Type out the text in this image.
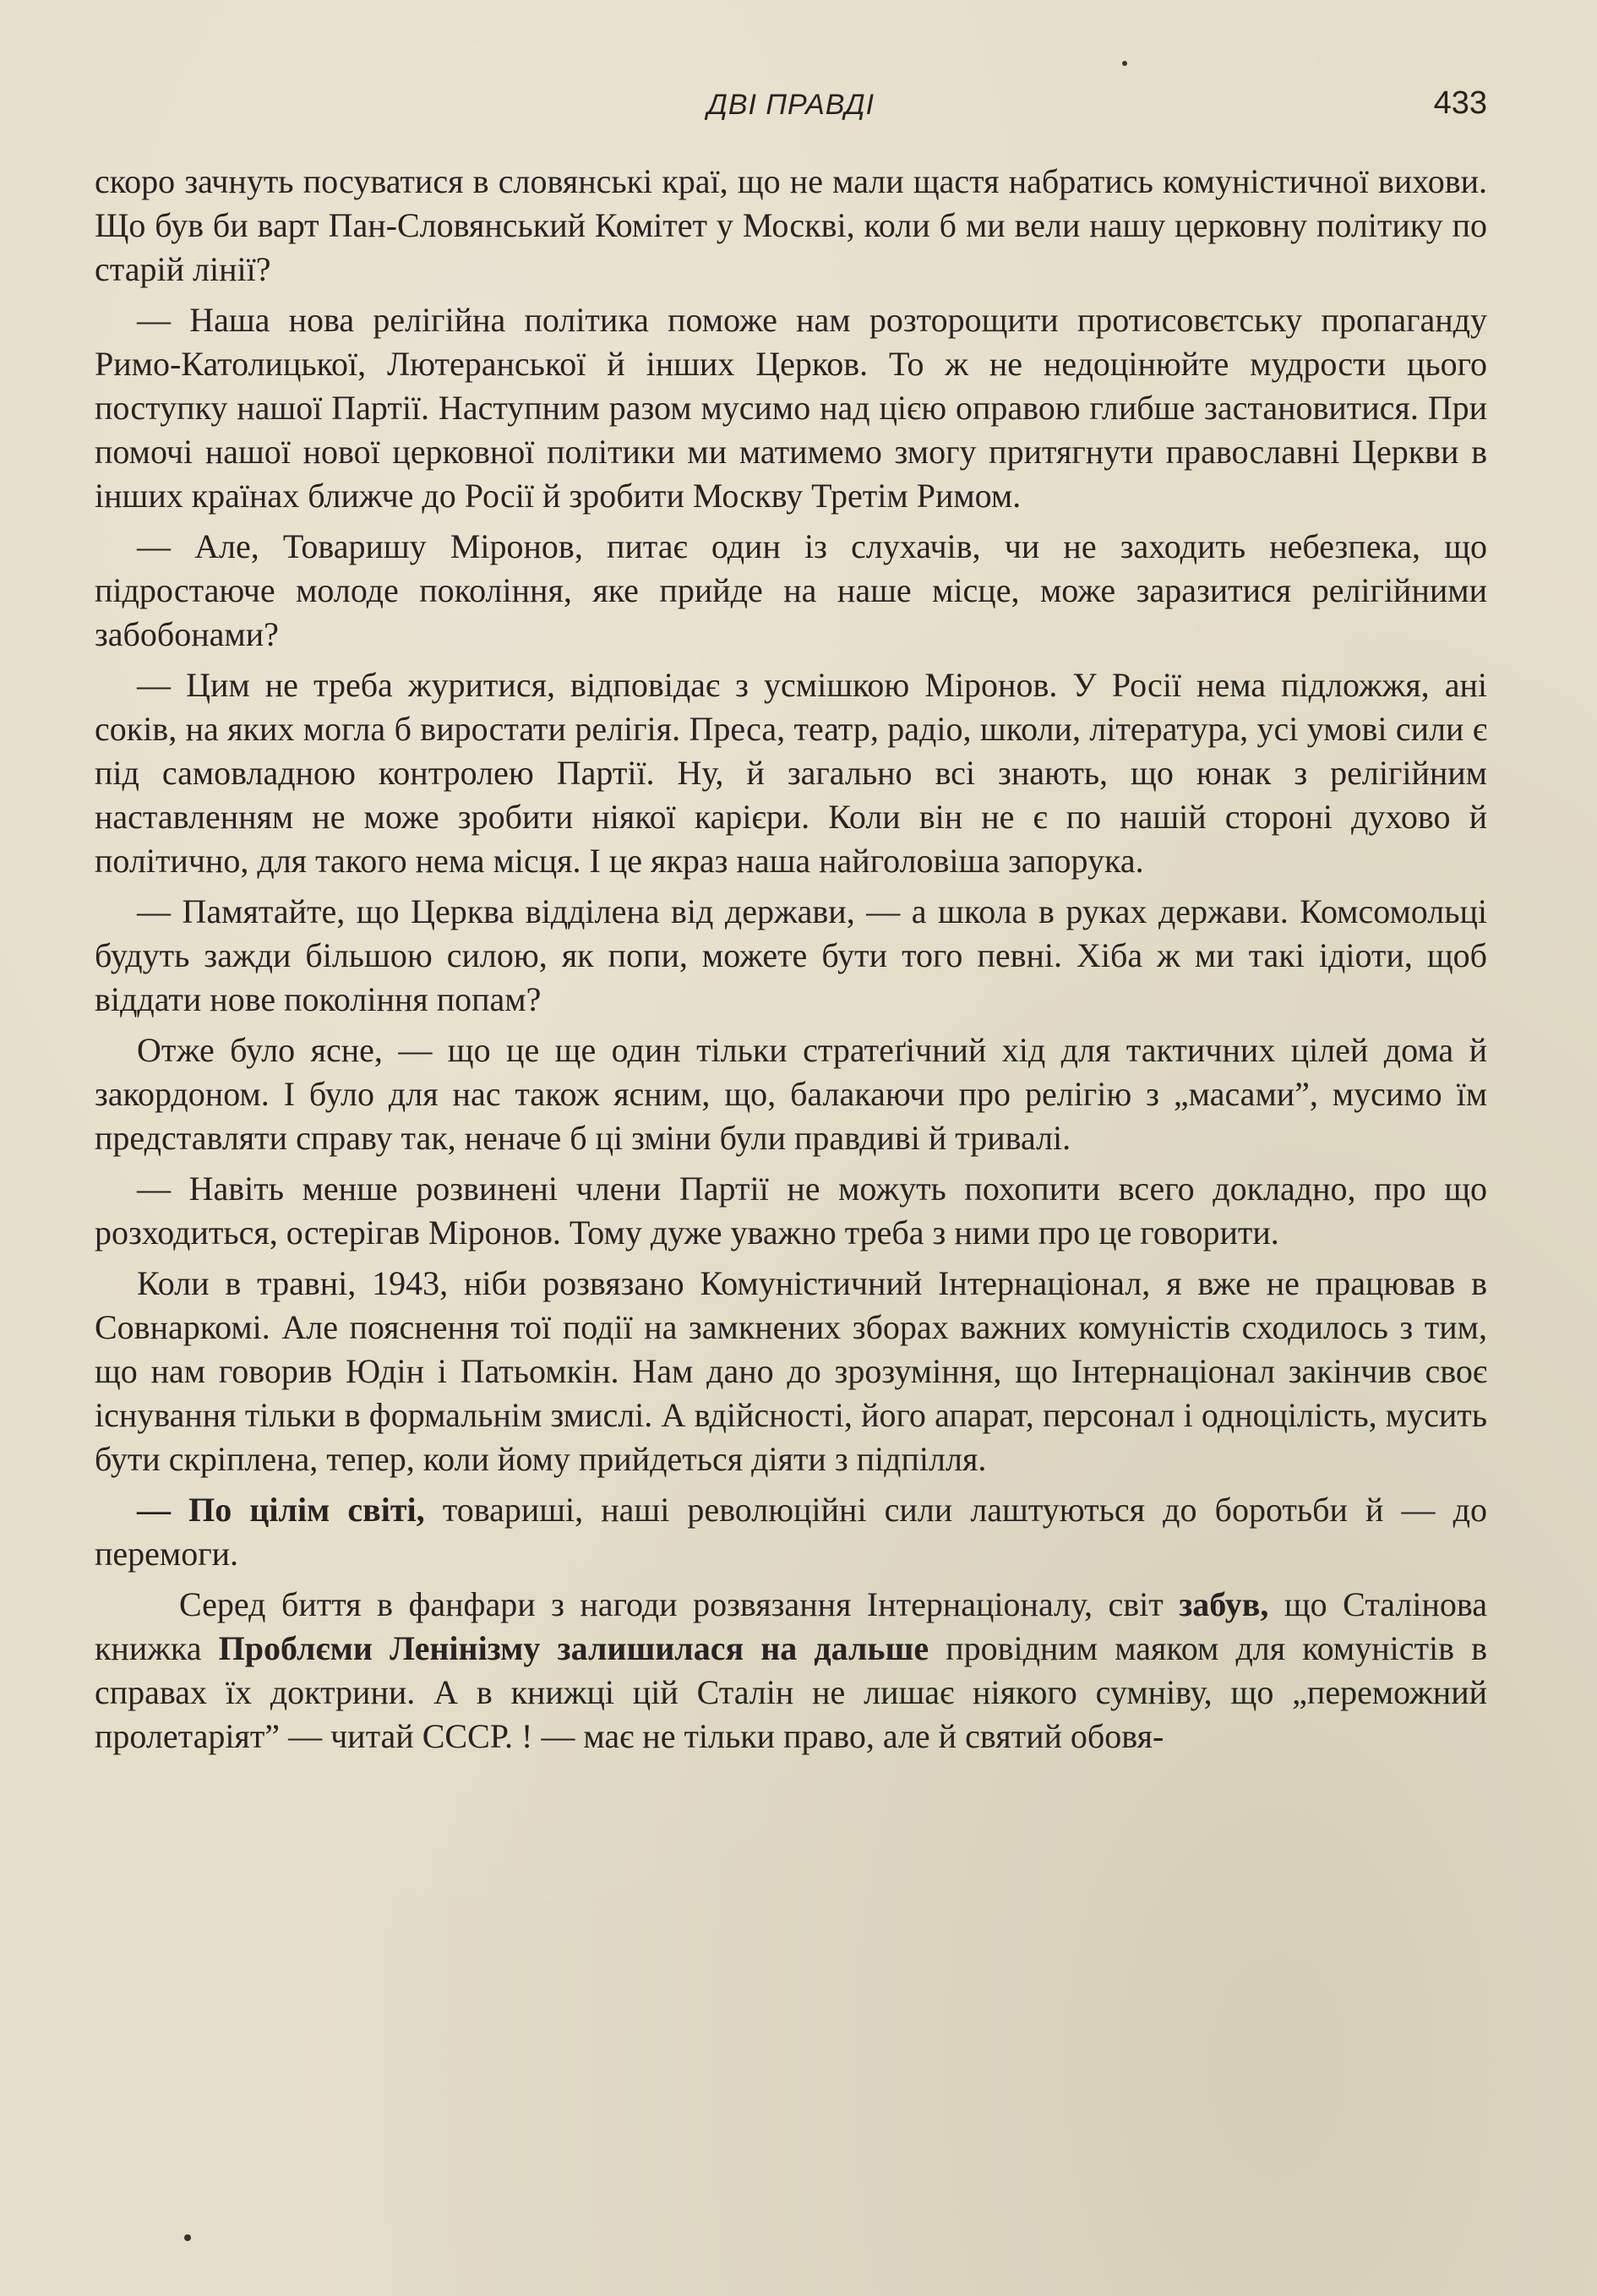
ДВІ ПРАВДІ	433

скоро зачнуть посуватися в словянські краї, що не мали щастя набратись комуністичної вихови. Що був би варт Пан-Словянський Комітет у Москві, коли б ми вели нашу церковну політику по старій лінії?

— Наша нова релігійна політика поможе нам розторощити протисовєтську пропаганду Римо-Католицької, Лютеранської й інших Церков. То ж не недоцінюйте мудрости цього поступку нашої Партії. Наступним разом мусимо над цією оправою глибше застановитися. При помочі нашої нової церковної політики ми матимемо змогу притягнути православні Церкви в інших країнах ближче до Росії й зробити Москву Третім Римом.

— Але, Товаришу Міронов, питає один із слухачів, чи не заходить небезпека, що підростаюче молоде покоління, яке прийде на наше місце, може заразитися релігійними забобонами?

— Цим не треба журитися, відповідає з усмішкою Міронов. У Росії нема підложжя, ані соків, на яких могла б виростати релігія. Преса, театр, радіо, школи, література, усі умові сили є під самовладною контролею Партії. Ну, й загально всі знають, що юнак з релігійним наставленням не може зробити ніякої карієри. Коли він не є по нашій стороні духово й політично, для такого нема місця. І це якраз наша найголовіша запорука.

— Памятайте, що Церква відділена від держави, — а школа в руках держави. Комсомольці будуть зажди більшою силою, як попи, можете бути того певні. Хіба ж ми такі ідіоти, щоб віддати нове покоління попам?

Отже було ясне, — що це ще один тільки стратеґічний хід для тактичних цілей дома й закордоном. І було для нас також ясним, що, балакаючи про релігію з „масами”, мусимо їм представляти справу так, неначе б ці зміни були правдиві й тривалі.

— Навіть менше розвинені члени Партії не можуть похопити всего докладно, про що розходиться, остерігав Міронов. Тому дуже уважно треба з ними про це говорити.

Коли в травні, 1943, ніби розвязано Комуністичний Інтернаціонал, я вже не працював в Совнаркомі. Але пояснення тої події на замкнених зборах важних комуністів сходилось з тим, що нам говорив Юдін і Патьомкін. Нам дано до зрозуміння, що Інтернаціонал закінчив своє існування тільки в формальнім змислі. А вдійсності, його апарат, персонал і одноцілість, мусить бути скріплена, тепер, коли йому прийдеться діяти з підпілля.

— По цілім світі, товариші, наші революційні сили лаштуються до боротьби й — до перемоги.

Серед биття в фанфари з нагоди розвязання Інтернаціоналу, світ забув, що Сталінова книжка Проблєми Ленінізму залишилася на дальше провідним маяком для комуністів в справах їх доктрини. А в книжці цій Сталін не лишає ніякого сумніву, що „переможний пролетаріят” — читай СССР. ! — має не тільки право, але й святий обовя-
